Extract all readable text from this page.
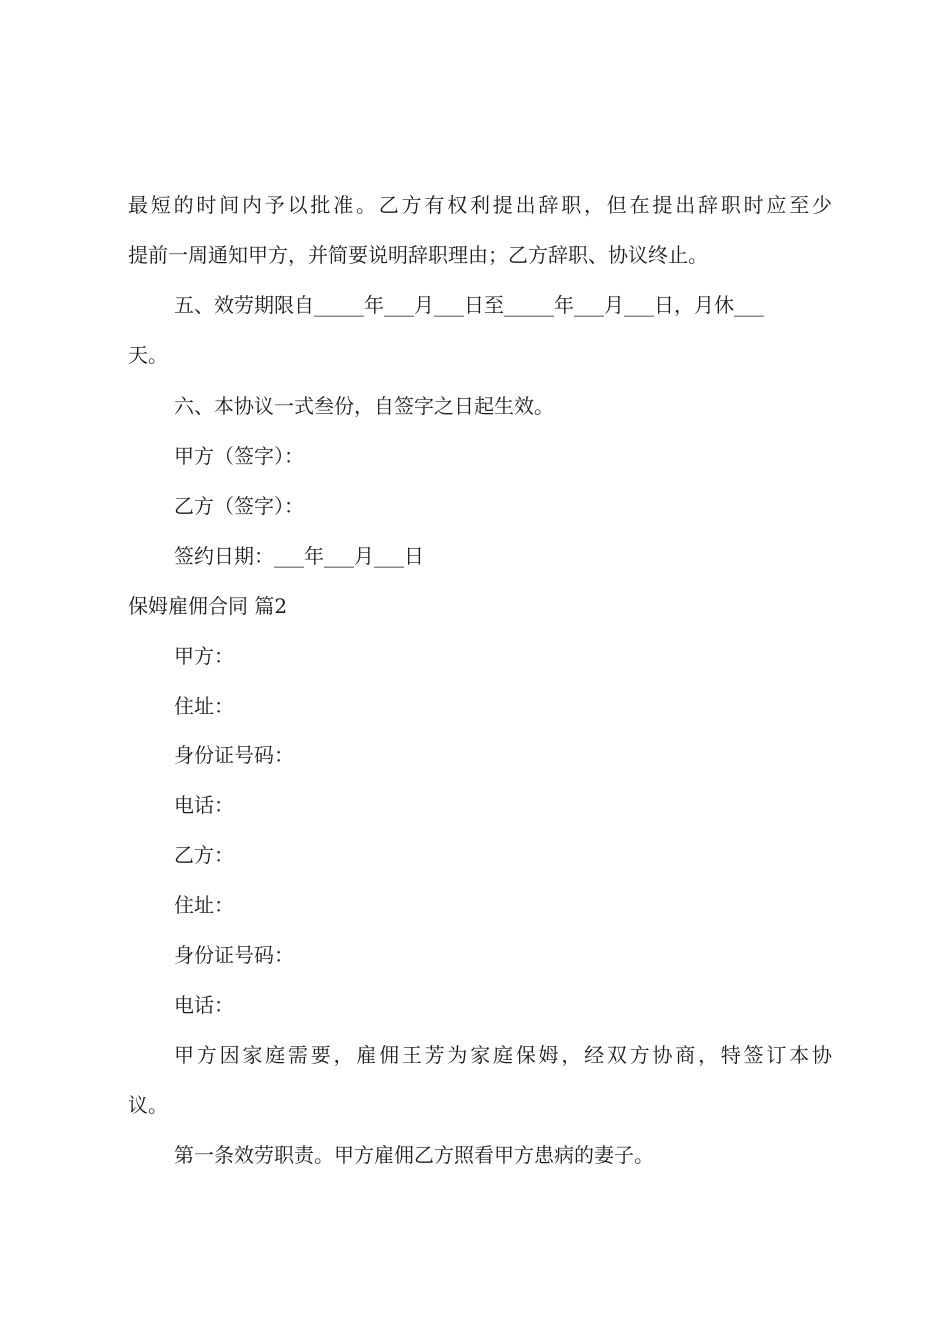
最短的时间内予以批准。乙方有权利提出辞职，但在提出辞职时应至少
提前一周通知甲方，并简要说明辞职理由；乙方辞职、协议终止。
五、效劳期限自_____年___月___日至_____年___月___日，月休___
天。
六、本协议一式叁份，自签字之日起生效。
甲方（签字）：
乙方（签字）：
签约日期：___年___月___日
保姆雇佣合同 篇2
甲方：
住址：
身份证号码：
电话：
乙方：
住址：
身份证号码：
电话：
甲方因家庭需要，雇佣王芳为家庭保姆，经双方协商，特签订本协
议。
第一条效劳职责。甲方雇佣乙方照看甲方患病的妻子。
